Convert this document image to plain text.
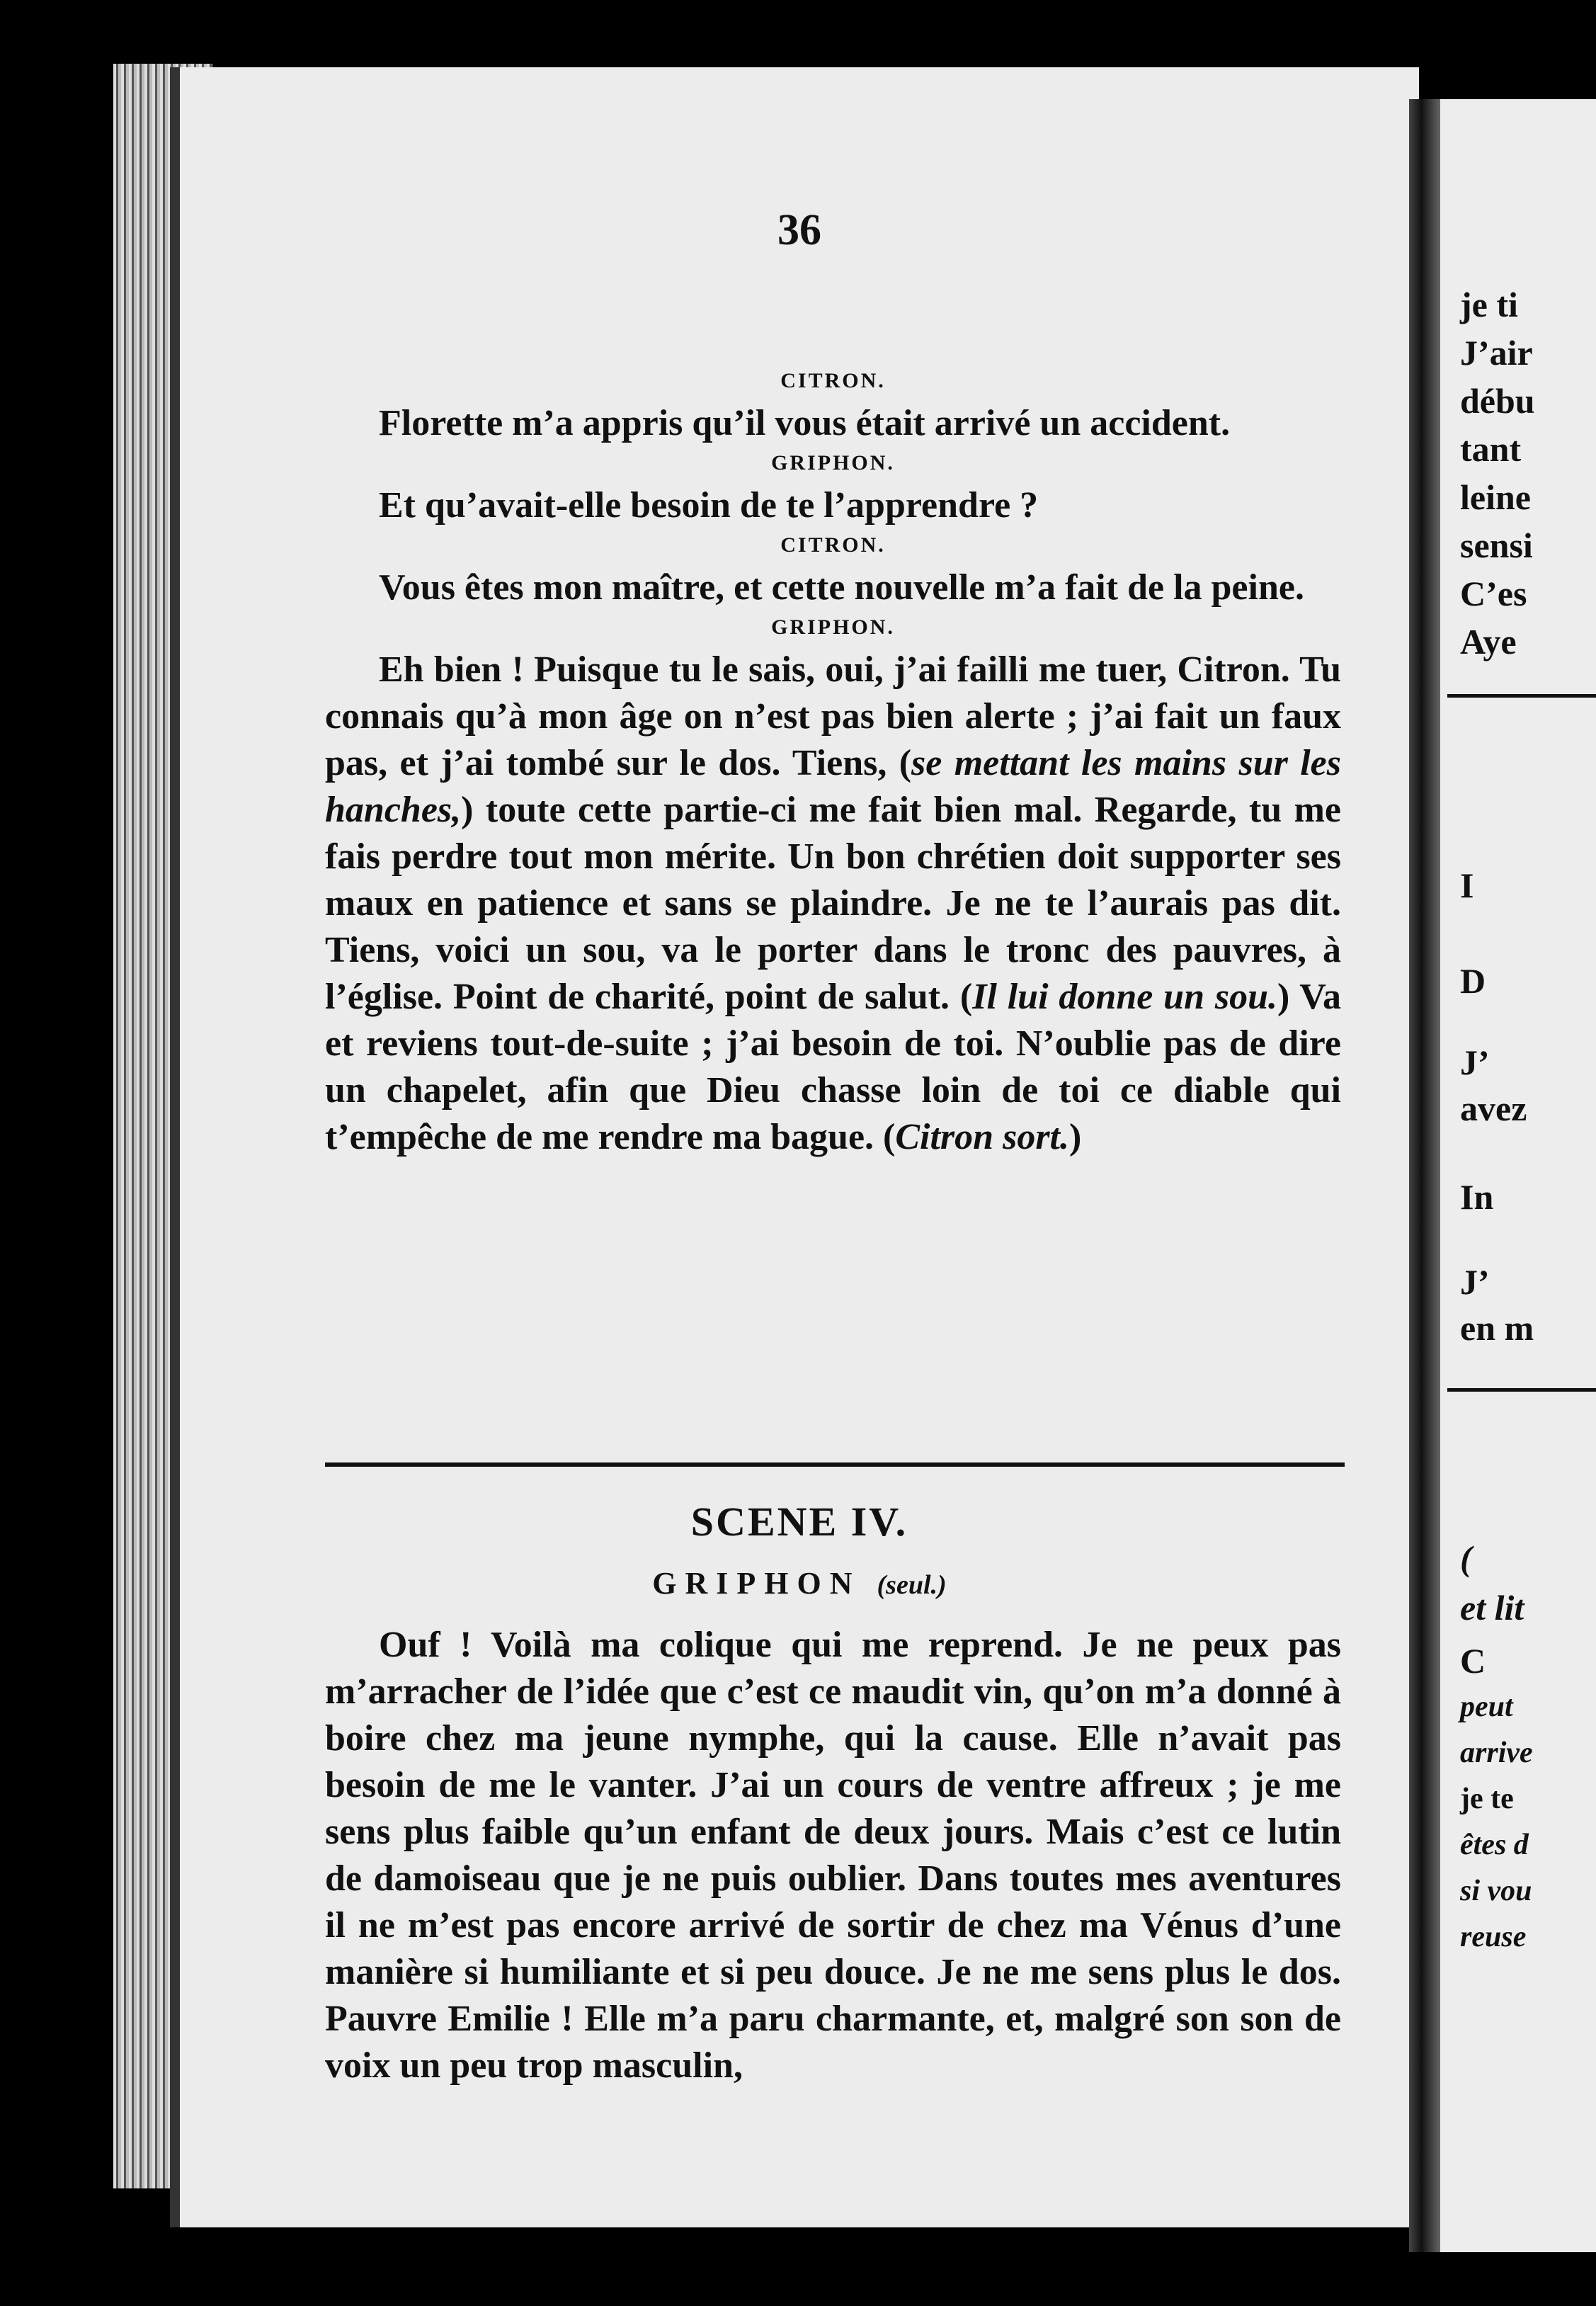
36
CITRON.

Florette m’a appris qu’il vous était arrivé un accident.

GRIPHON.

Et qu’avait-elle besoin de te l’apprendre ?

CITRON.

Vous êtes mon maître, et cette nouvelle m’a fait de la peine.

GRIPHON.

Eh bien ! Puisque tu le sais, oui, j’ai failli me tuer, Citron. Tu connais qu’à mon âge on n’est pas bien alerte ; j’ai fait un faux pas, et j’ai tombé sur le dos. Tiens, (se mettant les mains sur les hanches,) toute cette partie-ci me fait bien mal. Regarde, tu me fais perdre tout mon mérite. Un bon chrétien doit supporter ses maux en patience et sans se plaindre. Je ne te l’aurais pas dit. Tiens, voici un sou, va le porter dans le tronc des pauvres, à l’église. Point de charité, point de salut. (Il lui donne un sou.) Va et reviens tout-de-suite ; j’ai besoin de toi. N’oublie pas de dire un chapelet, afin que Dieu chasse loin de toi ce diable qui t’empêche de me rendre ma bague. (Citron sort.)

SCENE IV.
GRIPHON (seul.)

Ouf ! Voilà ma colique qui me reprend. Je ne peux pas m’arracher de l’idée que c’est ce maudit vin, qu’on m’a donné à boire chez ma jeune nymphe, qui la cause. Elle n’avait pas besoin de me le vanter. J’ai un cours de ventre affreux ; je me sens plus faible qu’un enfant de deux jours. Mais c’est ce lutin de damoiseau que je ne puis oublier. Dans toutes mes aventures il ne m’est pas encore arrivé de sortir de chez ma Vénus d’une manière si humiliante et si peu douce. Je ne me sens plus le dos. Pauvre Emilie ! Elle m’a paru charmante, et, malgré son son de voix un peu trop masculin,

je ti
J’air
débu
tant
leine
sensi
C’es
Aye
I
D
J’
avez
In
J’
en m
(
et lit
C
peut
arrive
je te
êtes d
si vou
reuse
